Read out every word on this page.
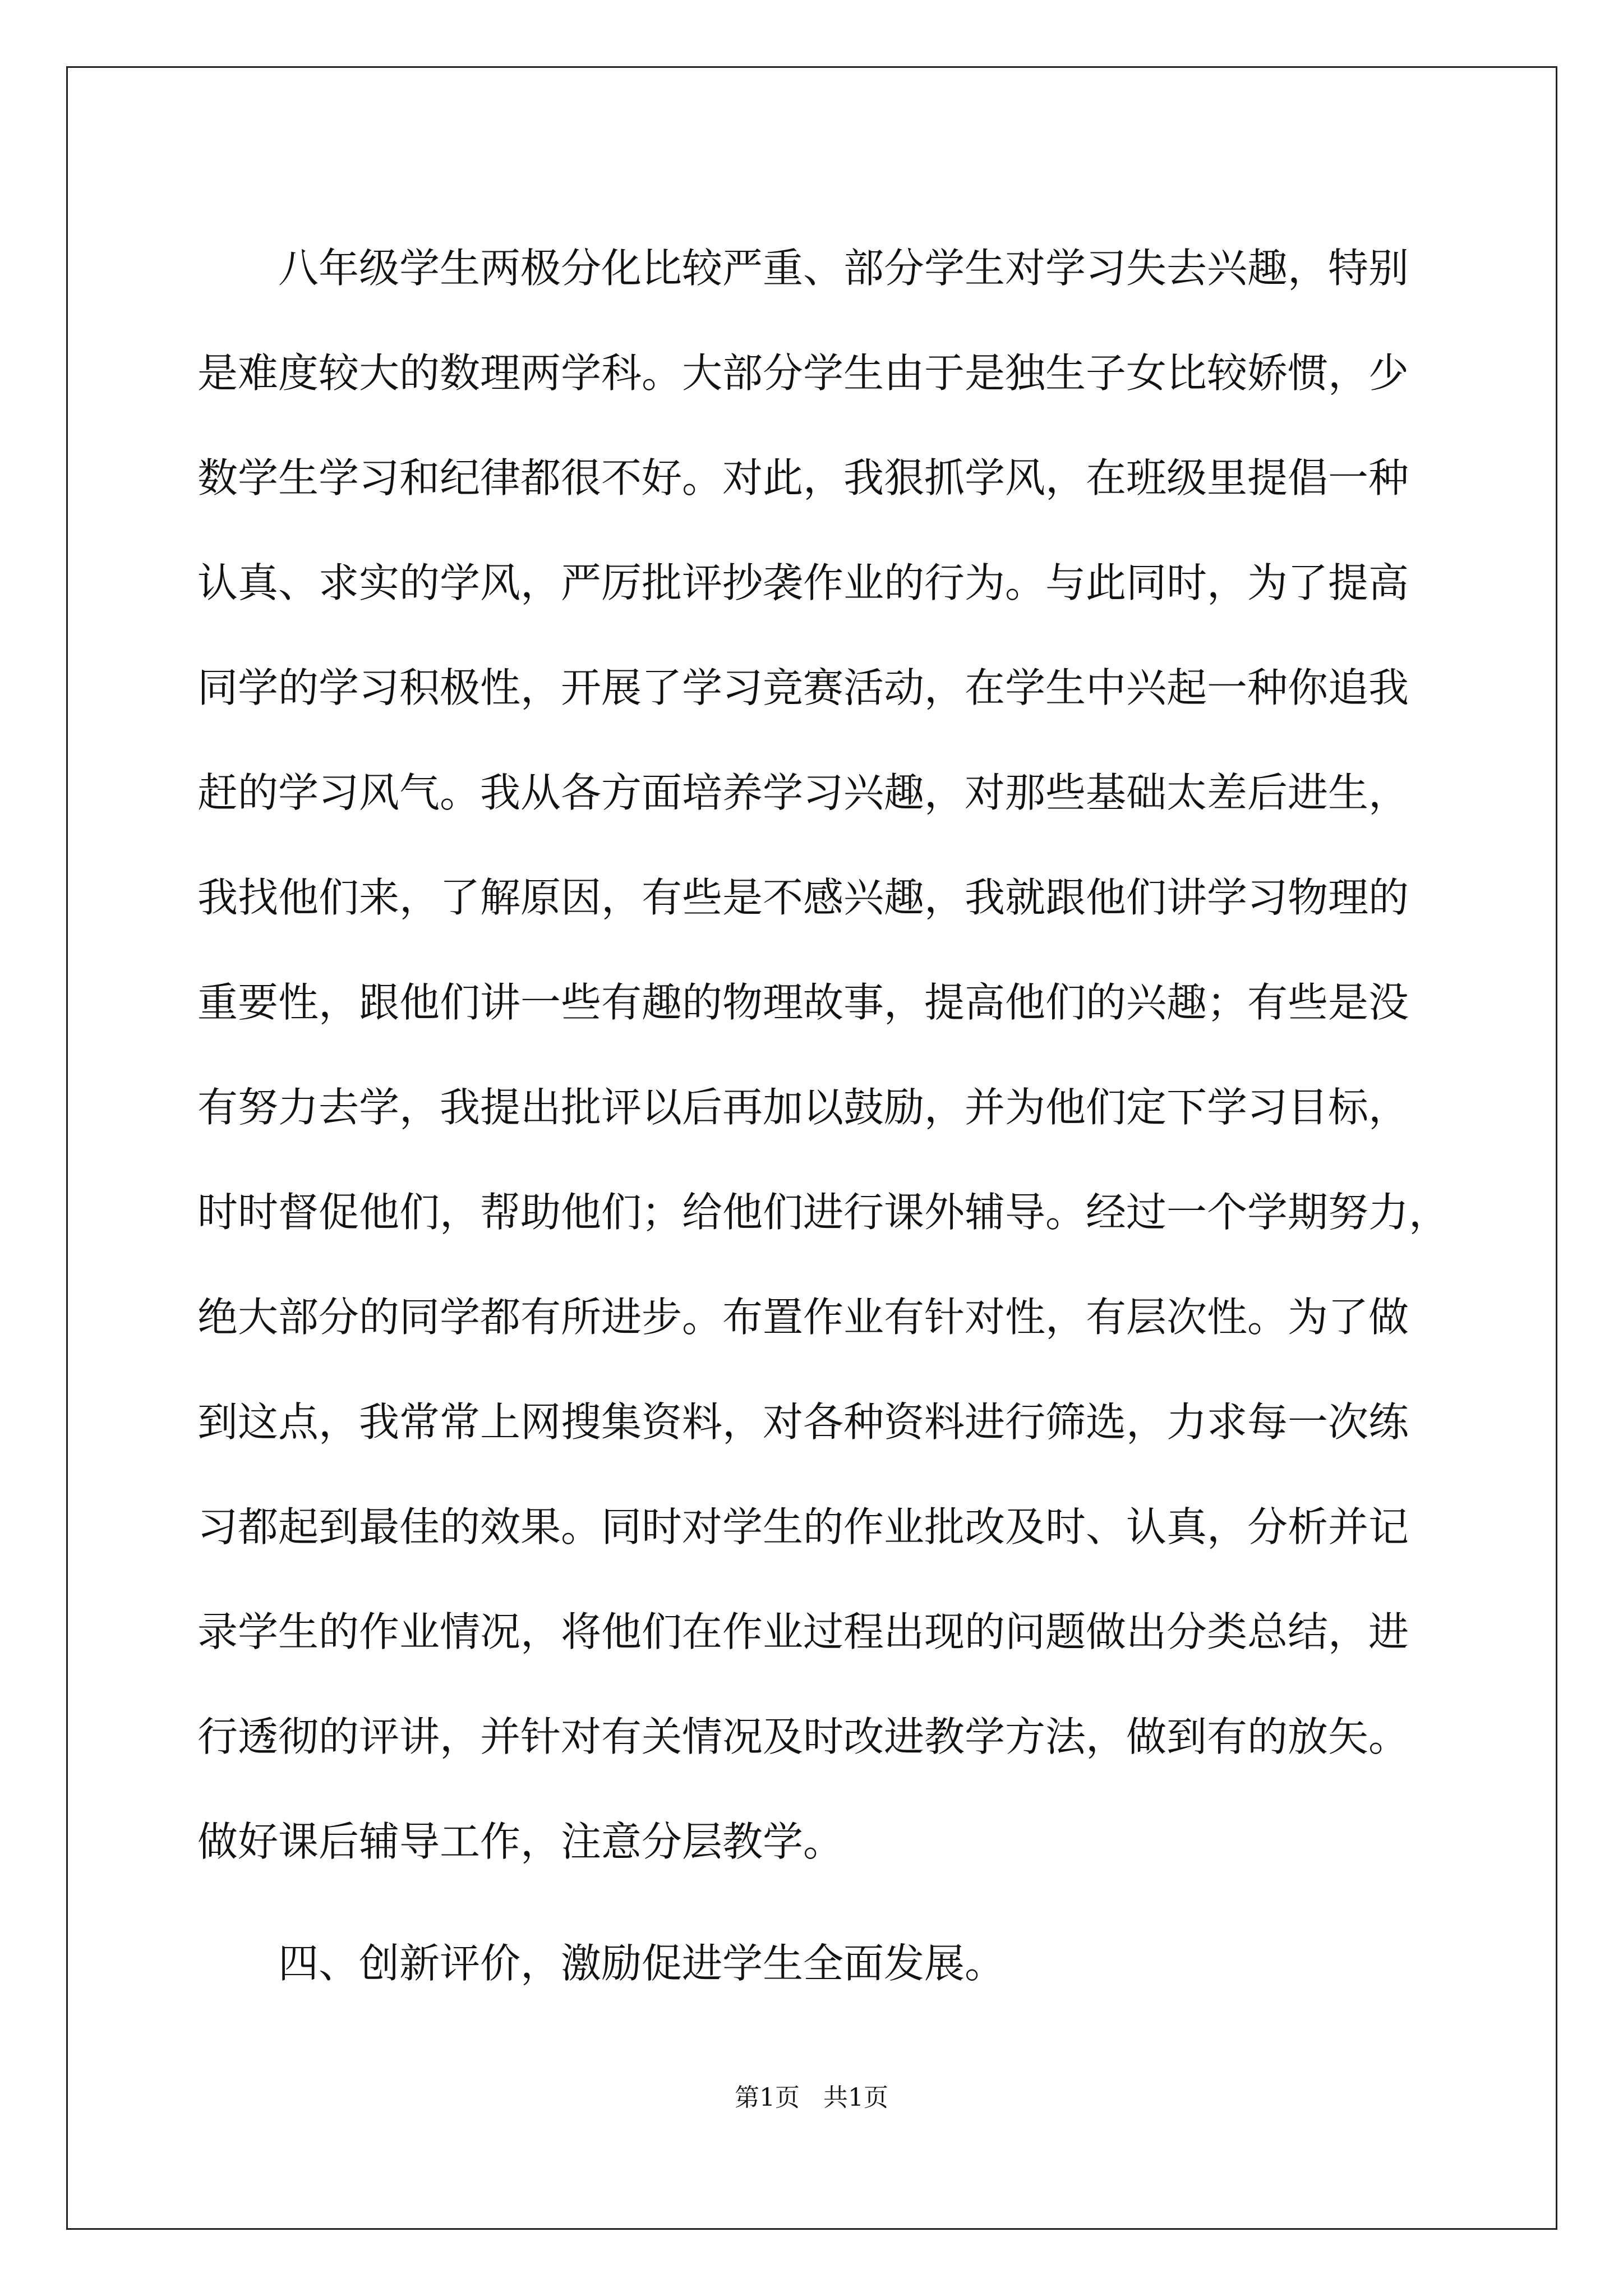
八年级学生两极分化比较严重、部分学生对学习失去兴趣，特别
是难度较大的数理两学科。大部分学生由于是独生子女比较娇惯，少
数学生学习和纪律都很不好。对此，我狠抓学风，在班级里提倡一种
认真、求实的学风，严厉批评抄袭作业的行为。与此同时，为了提高
同学的学习积极性，开展了学习竞赛活动，在学生中兴起一种你追我
赶的学习风气。我从各方面培养学习兴趣，对那些基础太差后进生，
我找他们来，了解原因，有些是不感兴趣，我就跟他们讲学习物理的
重要性，跟他们讲一些有趣的物理故事，提高他们的兴趣；有些是没
有努力去学，我提出批评以后再加以鼓励，并为他们定下学习目标，
时时督促他们，帮助他们；给他们进行课外辅导。经过一个学期努力，
绝大部分的同学都有所进步。布置作业有针对性，有层次性。为了做
到这点，我常常上网搜集资料，对各种资料进行筛选，力求每一次练
习都起到最佳的效果。同时对学生的作业批改及时、认真，分析并记
录学生的作业情况，将他们在作业过程出现的问题做出分类总结，进
行透彻的评讲，并针对有关情况及时改进教学方法，做到有的放矢。
做好课后辅导工作，注意分层教学。
四、创新评价，激励促进学生全面发展。
第1页   共1页
